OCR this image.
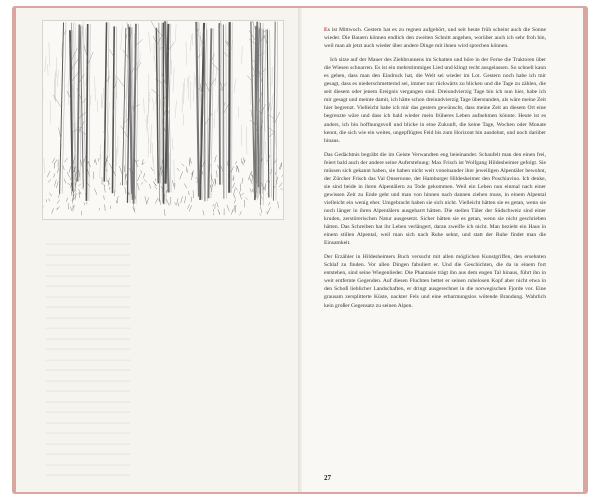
━━━━━━━━━━━━━━━━━━━━━━━━━
━━━━━━━━━━━━━━━━━━━━━━━━━
━━━━━━━━━━━━━━━━━━━━━━━━━
━━━━━━━━━━━━━━━━━━━━━━━━━
━━━━━━━━━━━━━━━━━━━━━━━━━
━━━━━━━━━━━━━━━━━━━━━━━━━
━━━━━━━━━━━━━━━━━━━━━━━━━
━━━━━━━━━━━━━━━━━━━━━━━━━
━━━━━━━━━━━━━━━━━━━━━━━━━
━━━━━━━━━━━━━━━━━━━━━━━━━
━━━━━━━━━━━━━━━━━━━━━━━━━
━━━━━━━━━━━━━━━━━━━━━━━━━
━━━━━━━━━━━━━━━━━━━━━━━━━
━━━━━━━━━━━━━━━━━━━━━━━━━
━━━━━━━━━━━━━━━━━━━━━━━━━
━━━━━━━━━━━━━━━━━━━━━━━━━
━━━━━━━━━━━━━━━━━━━━━━━━━
━━━━━━━━━━━━━━━━━━━━━━━━━
━━━━━━━━━━━━━━━━━━━━━━━━━
━━━━━━━━━━━━━━━━━━━━━━━━━
━━━━━━━━━━━━━━━━━━━━━━━━━
━━━━━━━━━━━━━━━━━━━━━━━━━
━━━━━━━━━━━━━━━━━━━━━━━━━

Es ist Mittwoch. Gestern hat es zu regnen aufgehört, und seit heute früh scheint auch die Sonne wieder. Die Bauern können endlich den zweiten Schnitt angehen, worüber auch ich sehr froh bin, weil man ab jetzt auch wieder über andere Dinge mit ihnen wird sprechen können.

Ich sitze auf der Mauer des Ziehbrunnens im Schatten und höre in der Ferne die Traktoren über die Wiesen schnarren. Es ist ein mehrstimmiges Lied und klingt recht ausgelassen. So schnell kann es gehen, dass man den Eindruck hat, die Welt sei wieder im Lot. Gestern noch habe ich mir gesagt, dass es niederschmetternd sei, immer nur rückwärts zu blicken und die Tage zu zählen, die seit diesem oder jenem Ereignis vergangen sind. Dreiundvierzig Tage bin ich nun hier, habe ich mir gesagt und meinte damit, ich hätte schon dreiundvierzig Tage überstanden, als wäre meine Zeit hier begrenzt. Vielleicht habe ich mir das gestern gewünscht, dass meine Zeit an diesem Ort eine begrenzte wäre und dass ich bald wieder mein früheres Leben aufnehmen könnte. Heute ist es anders, ich bin hoffnungsvoll und blicke in eine Zukunft, die keine Tage, Wochen oder Monate kennt, die sich wie ein weites, ungepflügtes Feld bis zum Horizont hin ausdehnt, und noch darüber hinaus.

Das Gedächtnis begräbt die im Geiste Verwandten eng beieinander. Schaufelt man den einen frei, feiert bald auch der andere seine Auferstehung: Max Frisch ist Wolfgang Hildesheimer gefolgt. Sie müssen sich gekannt haben, sie haben nicht weit voneinander ihre jeweiligen Alpentäler bewohnt, der Zürcher Frisch das Val Onsernone, der Hamburger Hildesheimer den Poschiavino. Ich denke, sie sind beide in ihren Alpentälern zu Tode gekommen. Weil ein Leben nun einmal nach einer gewissen Zeit zu Ende geht und man von hinnen nach dannen ziehen muss, in einem Alpental vielleicht ein wenig eher. Umgebracht haben sie sich nicht. Vielleicht hätten sie es getan, wenn sie noch länger in ihren Alpentälern ausgeharrt hätten. Die steilen Täler der Südschweiz sind einer kruden, zerstörerischen Natur ausgesetzt. Sicher hätten sie es getan, wenn sie nicht geschrieben hätten. Das Schreiben hat ihr Leben verlängert, daran zweifle ich nicht. Man bezieht ein Haus in einem stillen Alpental, weil man sich nach Ruhe sehnt, und statt der Ruhe findet man die Einsamkeit.

Der Erzähler in Hildesheimers Buch versucht mit allen möglichen Kunstgriffen, den ersehnten Schlaf zu finden. Vor allen Dingen fabuliert er. Und die Geschichten, die da in einem fort entstehen, sind seine Wiegenlieder. Die Phantasie trägt ihn aus dem engen Tal hinaus, führt ihn in weit entfernte Gegenden. Auf diesen Fluchten bettet er seinen ruhelosen Kopf aber nicht etwa in den Schoß lieblicher Landschaften, er dringt ausgerechnet in die norwegischen Fjorde vor. Eine grausam zersplitterte Küste, nackter Fels und eine erbarmungslos wütende Brandung. Wahrlich kein großer Gegensatz zu seinen Alpen.

27
